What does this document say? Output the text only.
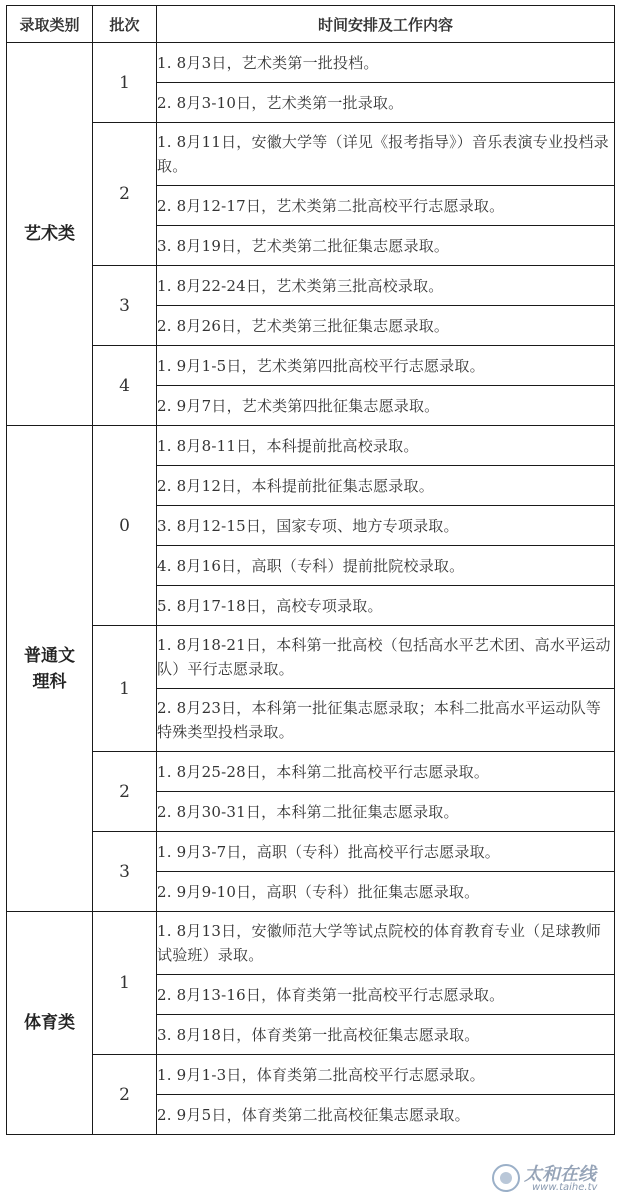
录取类别	批次	时间安排及工作内容
艺术类	1	1. 8月3日，艺术类第一批投档。
		2. 8月3-10日，艺术类第一批录取。
	2	1. 8月11日，安徽大学等（详见《报考指导》）音乐表演专业投档录取。
		2. 8月12-17日，艺术类第二批高校平行志愿录取。
		3. 8月19日，艺术类第二批征集志愿录取。
	3	1. 8月22-24日，艺术类第三批高校录取。
		2. 8月26日，艺术类第三批征集志愿录取。
	4	1. 9月1-5日，艺术类第四批高校平行志愿录取。
		2. 9月7日，艺术类第四批征集志愿录取。
普通文理科	0	1. 8月8-11日，本科提前批高校录取。
		2. 8月12日，本科提前批征集志愿录取。
		3. 8月12-15日，国家专项、地方专项录取。
		4. 8月16日，高职（专科）提前批院校录取。
		5. 8月17-18日，高校专项录取。
	1	1. 8月18-21日，本科第一批高校（包括高水平艺术团、高水平运动队）平行志愿录取。
		2. 8月23日，本科第一批征集志愿录取；本科二批高水平运动队等特殊类型投档录取。
	2	1. 8月25-28日，本科第二批高校平行志愿录取。
		2. 8月30-31日，本科第二批征集志愿录取。
	3	1. 9月3-7日，高职（专科）批高校平行志愿录取。
		2. 9月9-10日，高职（专科）批征集志愿录取。
体育类	1	1. 8月13日，安徽师范大学等试点院校的体育教育专业（足球教师试验班）录取。
		2. 8月13-16日，体育类第一批高校平行志愿录取。
		3. 8月18日，体育类第一批高校征集志愿录取。
	2	1. 9月1-3日，体育类第二批高校平行志愿录取。
		2. 9月5日，体育类第二批高校征集志愿录取。
太和在线
www.taihe.tv
